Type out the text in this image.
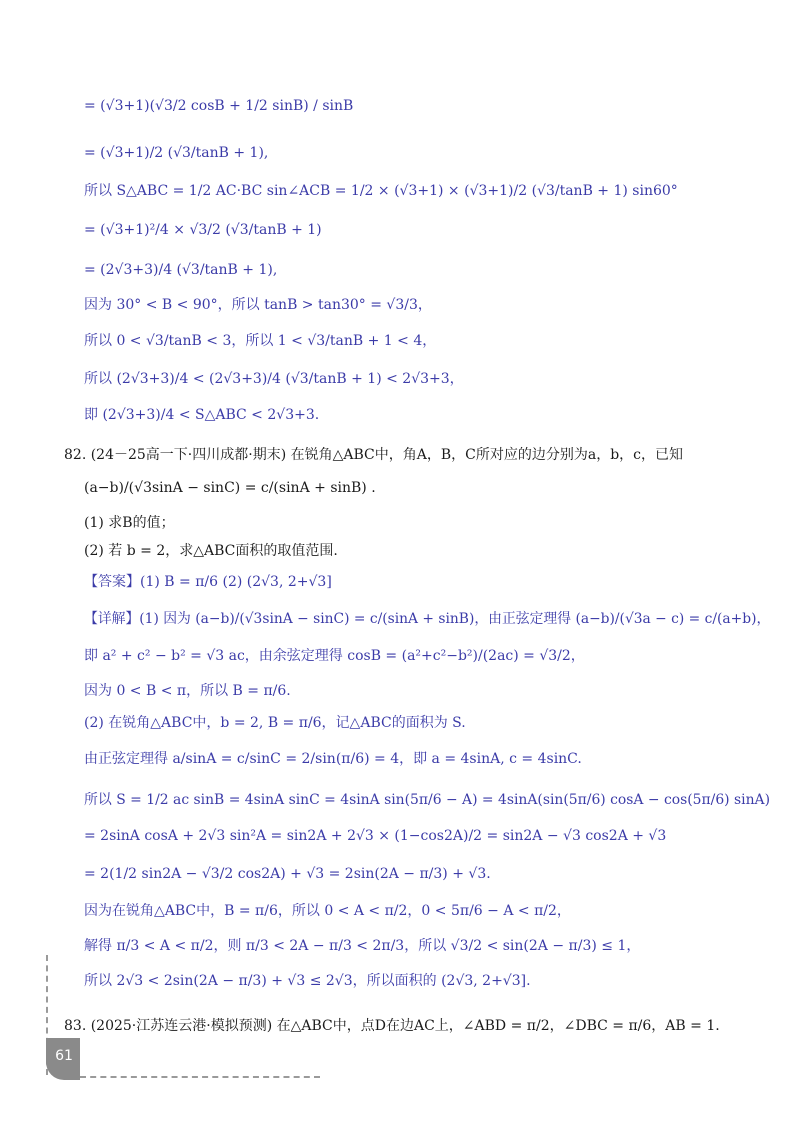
= (√3+1)(√3/2 cosB + 1/2 sinB) / sinB
= (√3+1)/2 (√3/tanB + 1),
所以 S△ABC = 1/2 AC·BC sin∠ACB = 1/2 × (√3+1) × (√3+1)/2 (√3/tanB + 1) sin60°
= (√3+1)²/4 × √3/2 (√3/tanB + 1)
= (2√3+3)/4 (√3/tanB + 1),
因为 30° < B < 90°，所以 tanB > tan30° = √3/3，
所以 0 < √3/tanB < 3，所以 1 < √3/tanB + 1 < 4，
所以 (2√3+3)/4 < (2√3+3)/4 (√3/tanB + 1) < 2√3+3，
即 (2√3+3)/4 < S△ABC < 2√3+3.
82. (24－25高一下·四川成都·期末) 在锐角△ABC中，角A，B，C所对应的边分别为a，b，c，已知
(a−b)/(√3sinA − sinC) = c/(sinA + sinB) .
(1) 求B的值；
(2) 若 b = 2，求△ABC面积的取值范围.
【答案】(1) B = π/6 (2) (2√3, 2+√3]
【详解】(1) 因为 (a−b)/(√3sinA − sinC) = c/(sinA + sinB)，由正弦定理得 (a−b)/(√3a − c) = c/(a+b)，
即 a² + c² − b² = √3 ac，由余弦定理得 cosB = (a²+c²−b²)/(2ac) = √3/2，
因为 0 < B < π，所以 B = π/6.
(2) 在锐角△ABC中，b = 2, B = π/6，记△ABC的面积为 S.
由正弦定理得 a/sinA = c/sinC = 2/sin(π/6) = 4，即 a = 4sinA, c = 4sinC.
所以 S = 1/2 ac sinB = 4sinA sinC = 4sinA sin(5π/6 − A) = 4sinA(sin(5π/6) cosA − cos(5π/6) sinA)
= 2sinA cosA + 2√3 sin²A = sin2A + 2√3 × (1−cos2A)/2 = sin2A − √3 cos2A + √3
= 2(1/2 sin2A − √3/2 cos2A) + √3 = 2sin(2A − π/3) + √3.
因为在锐角△ABC中，B = π/6，所以 0 < A < π/2，0 < 5π/6 − A < π/2，
解得 π/3 < A < π/2，则 π/3 < 2A − π/3 < 2π/3，所以 √3/2 < sin(2A − π/3) ≤ 1，
所以 2√3 < 2sin(2A − π/3) + √3 ≤ 2√3，所以面积的 (2√3, 2+√3].
83. (2025·江苏连云港·模拟预测) 在△ABC中，点D在边AC上，∠ABD = π/2，∠DBC = π/6，AB = 1.
61
